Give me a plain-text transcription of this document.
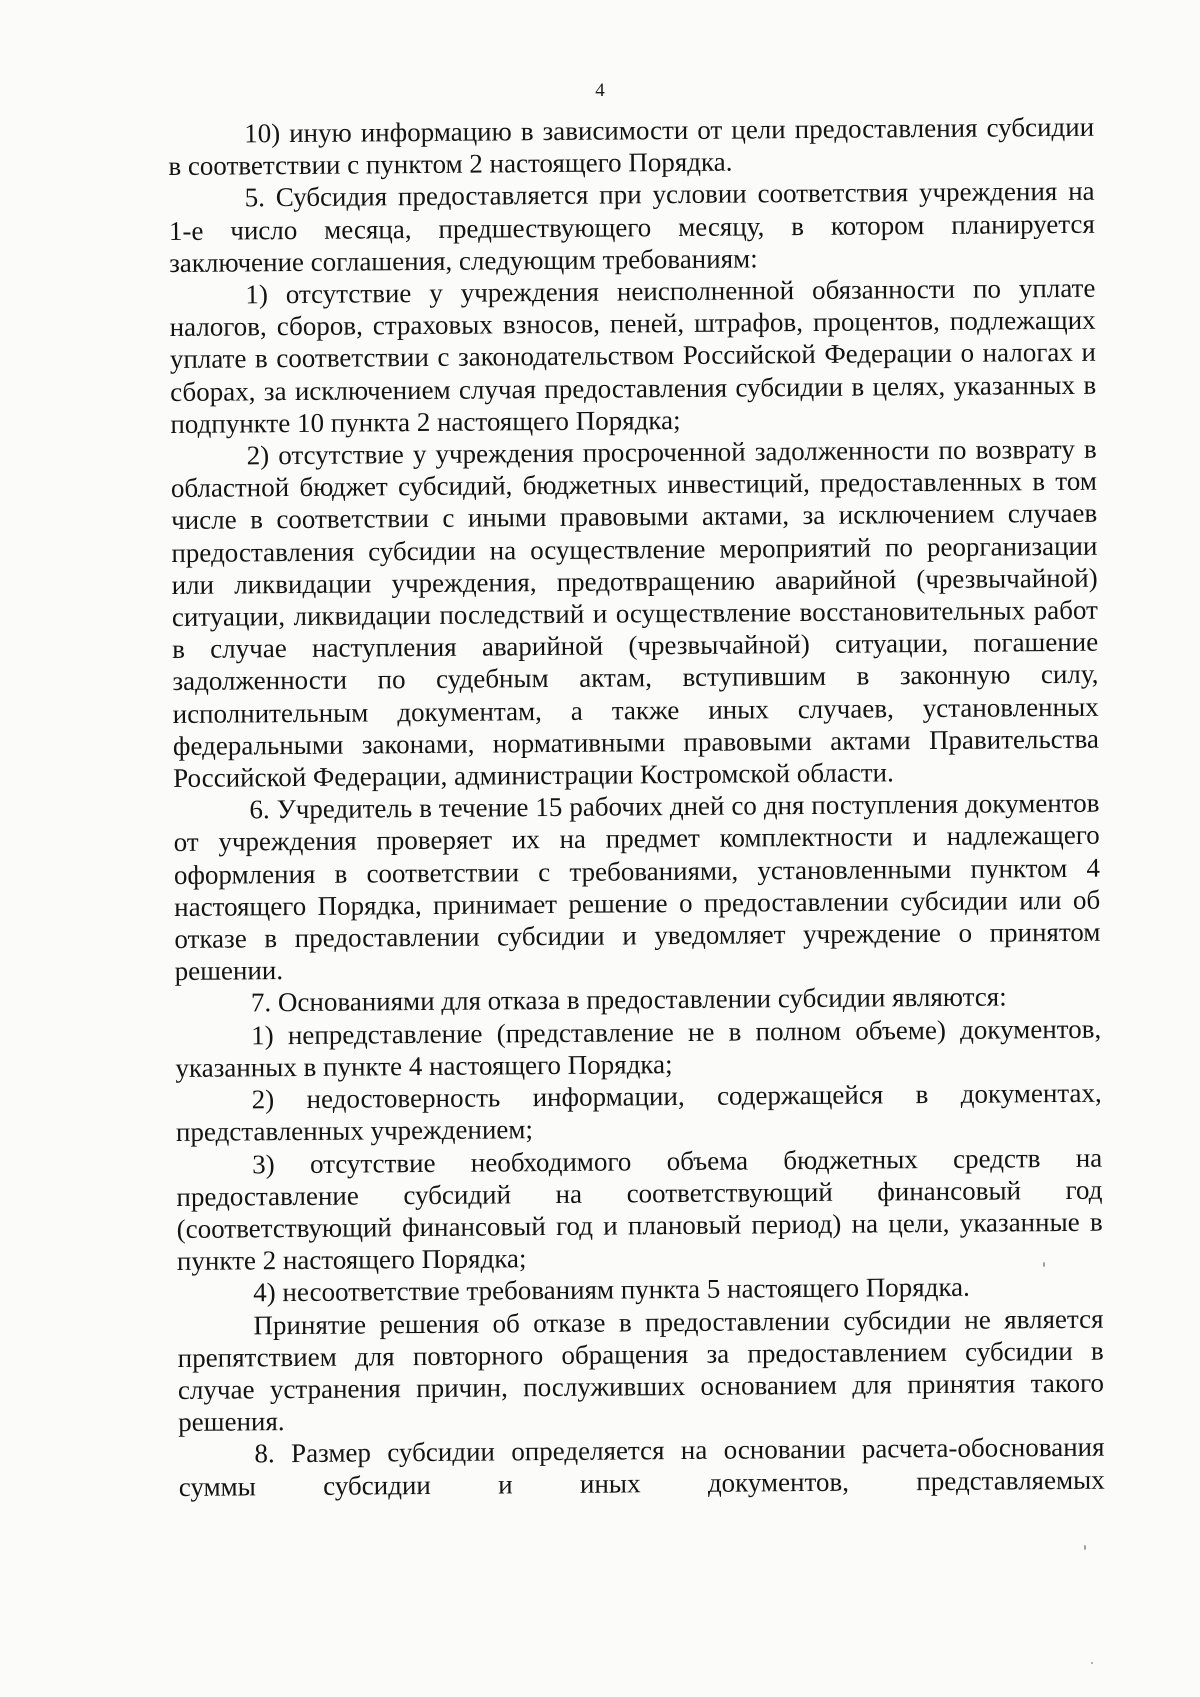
4

10) иную информацию в зависимости от цели предоставления субсидии в соответствии с пунктом 2 настоящего Порядка.

5. Субсидия предоставляется при условии соответствия учреждения на 1-е число месяца, предшествующего месяцу, в котором планируется заключение соглашения, следующим требованиям:

1) отсутствие у учреждения неисполненной обязанности по уплате налогов, сборов, страховых взносов, пеней, штрафов, процентов, подлежащих уплате в соответствии с законодательством Российской Федерации о налогах и сборах, за исключением случая предоставления субсидии в целях, указанных в подпункте 10 пункта 2 настоящего Порядка;

2) отсутствие у учреждения просроченной задолженности по возврату в областной бюджет субсидий, бюджетных инвестиций, предоставленных в том числе в соответствии с иными правовыми актами, за исключением случаев предоставления субсидии на осуществление мероприятий по реорганизации или ликвидации учреждения, предотвращению аварийной (чрезвычайной) ситуации, ликвидации последствий и осуществление восстановительных работ в случае наступления аварийной (чрезвычайной) ситуации, погашение задолженности по судебным актам, вступившим в законную силу, исполнительным документам, а также иных случаев, установленных федеральными законами, нормативными правовыми актами Правительства Российской Федерации, администрации Костромской области.

6. Учредитель в течение 15 рабочих дней со дня поступления документов от учреждения проверяет их на предмет комплектности и надлежащего оформления в соответствии с требованиями, установленными пунктом 4 настоящего Порядка, принимает решение о предоставлении субсидии или об отказе в предоставлении субсидии и уведомляет учреждение о принятом решении.

7. Основаниями для отказа в предоставлении субсидии являются:

1) непредставление (представление не в полном объеме) документов, указанных в пункте 4 настоящего Порядка;

2) недостоверность информации, содержащейся в документах, представленных учреждением;

3) отсутствие необходимого объема бюджетных средств на предоставление субсидий на соответствующий финансовый год (соответствующий финансовый год и плановый период) на цели, указанные в пункте 2 настоящего Порядка;

4) несоответствие требованиям пункта 5 настоящего Порядка.

Принятие решения об отказе в предоставлении субсидии не является препятствием для повторного обращения за предоставлением субсидии в случае устранения причин, послуживших основанием для принятия такого решения.

8. Размер субсидии определяется на основании расчета-обоснования суммы субсидии и иных документов, представляемых
